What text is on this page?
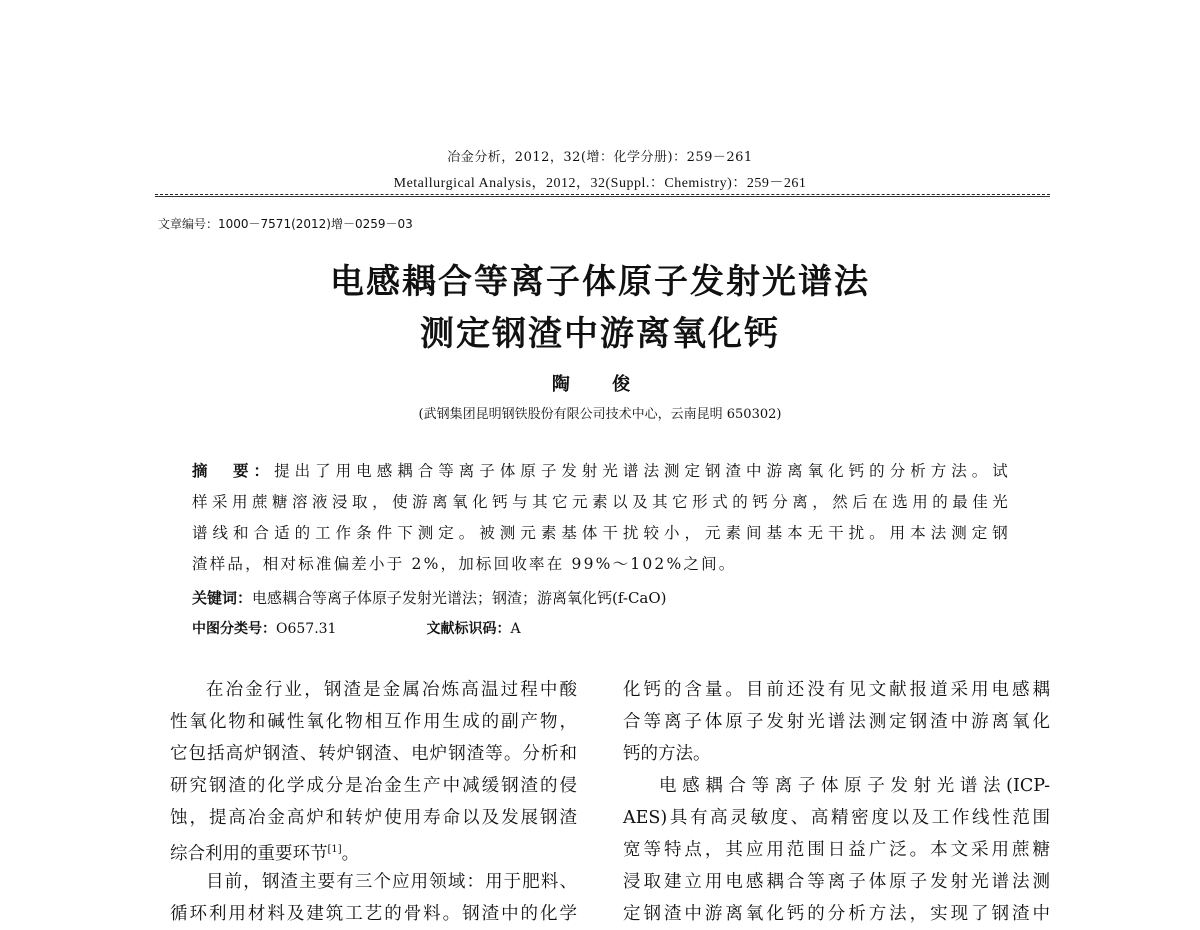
冶金分析，2012，32(增：化学分册)：259－261
Metallurgical Analysis，2012，32(Suppl.：Chemistry)：259－261
文章编号：1000－7571(2012)增－0259－03
电感耦合等离子体原子发射光谱法
测定钢渣中游离氧化钙
陶 俊
(武钢集团昆明钢铁股份有限公司技术中心，云南昆明 650302)
摘　要：提出了用电感耦合等离子体原子发射光谱法测定钢渣中游离氧化钙的分析方法。试
样采用蔗糖溶液浸取，使游离氧化钙与其它元素以及其它形式的钙分离，然后在选用的最佳光
谱线和合适的工作条件下测定。被测元素基体干扰较小，元素间基本无干扰。用本法测定钢
渣样品，相对标准偏差小于 2%，加标回收率在 99%～102%之间。
关键词：电感耦合等离子体原子发射光谱法；钢渣；游离氧化钙(f-CaO)
中图分类号：O657.31	文献标识码：A
在冶金行业，钢渣是金属冶炼高温过程中酸
性氧化物和碱性氧化物相互作用生成的副产物，
它包括高炉钢渣、转炉钢渣、电炉钢渣等。分析和
研究钢渣的化学成分是冶金生产中减缓钢渣的侵
蚀，提高冶金高炉和转炉使用寿命以及发展钢渣
综合利用的重要环节[1]。
目前，钢渣主要有三个应用领域：用于肥料、
循环利用材料及建筑工艺的骨料。钢渣中的化学
化钙的含量。目前还没有见文献报道采用电感耦
合等离子体原子发射光谱法测定钢渣中游离氧化
钙的方法。
电感耦合等离子体原子发射光谱法(ICP-
AES)具有高灵敏度、高精密度以及工作线性范围
宽等特点，其应用范围日益广泛。本文采用蔗糖
浸取建立用电感耦合等离子体原子发射光谱法测
定钢渣中游离氧化钙的分析方法，实现了钢渣中
